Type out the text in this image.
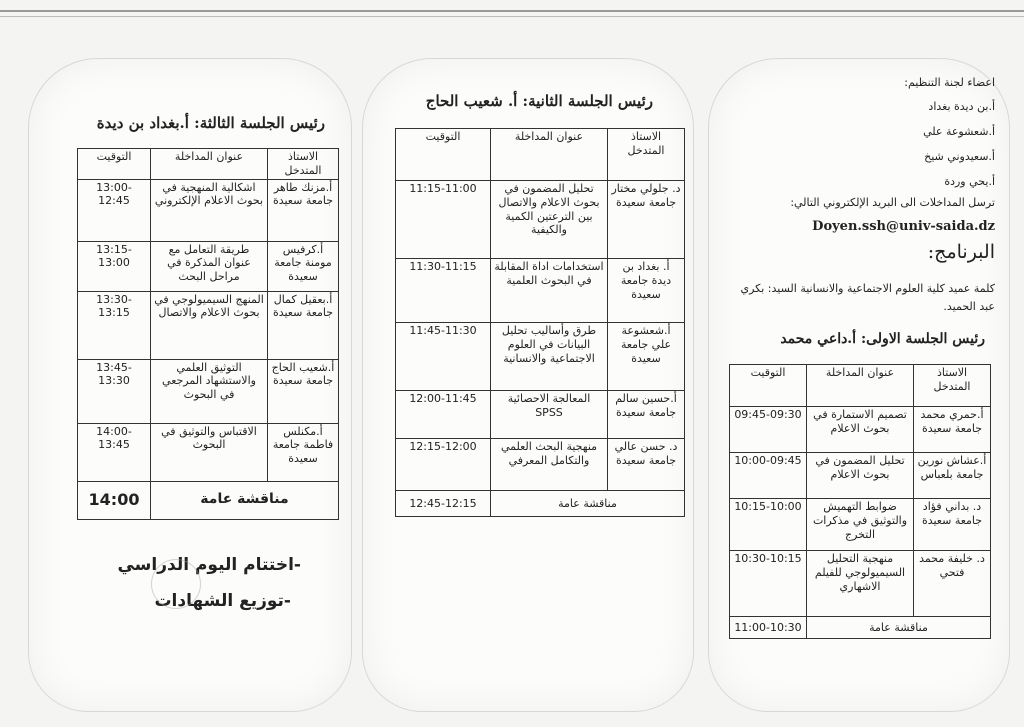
رئيس الجلسة الثالثة: أ.بغداد بن ديدة
الاستاذ المتدخل	عنوان المداخلة	التوقيت
أ.مزنك طاهر جامعة سعيدة	اشكالية المنهجية في بحوث الاعلام الإلكتروني	13:00-12:45
أ.كرفيس مومنة جامعة سعيدة	طريقة التعامل مع عنوان المذكرة في مراحل البحث	13:15-13:00
أ.بعقيل كمال جامعة سعيدة	المنهج السيميولوجي في بحوث الاعلام والاتصال	13:30-13:15
أ.شعيب الحاج جامعة سعيدة	التوثيق العلمي والاستشهاد المرجعي في البحوث	13:45-13:30
أ.مكنلس فاطمة جامعة سعيدة	الاقتباس والتوثيق في البحوث	14:00-13:45
مناقشة عامة		14:00
-اختتام اليوم الدراسي
-توزيع الشهادات
رئيس الجلسة الثانية: أ. شعيب الحاج
الاستاذ المتدخل	عنوان المداخلة	التوقيت
د. جلولي مختار جامعة سعيدة	تحليل المضمون في بحوث الاعلام والاتصال بين الترعتين الكمية والكيفية	11:15-11:00
أ. بغداد بن ديدة جامعة سعيدة	استخدامات اداة المقابلة في البحوث العلمية	11:30-11:15
أ.شعشوعة علي جامعة سعيدة	طرق وأساليب تحليل البيانات في العلوم الاجتماعية والانسانية	11:45-11:30
أ.حسين سالم جامعة سعيدة	المعالجة الاحصائية SPSS	12:00-11:45
د. حسن عالي جامعة سعيدة	منهجية البحث العلمي والتكامل المعرفي	12:15-12:00
مناقشة عامة		12:45-12:15
اعضاء لجنة التنظيم:
أ.بن ديدة بغداد
أ.شعشوعة علي
أ.سعيدوني شيخ
أ.يحي وردة
ترسل المداخلات الى البريد الإلكتروني التالي:
Doyen.ssh@univ-saida.dz
البرنامج:
كلمة عميد كلية العلوم الاجتماعية والانسانية السيد: بكري عبد الحميد.
رئيس الجلسة الاولى: أ.داعي محمد
الاستاذ المتدخل	عنوان المداخلة	التوقيت
أ.حمري محمد جامعة سعيدة	تصميم الاستمارة في بحوث الاعلام	09:45-09:30
أ.عشاش نورين جامعة بلعباس	تحليل المضمون في بحوث الاعلام	10:00-09:45
د. بداني فؤاد جامعة سعيدة	ضوابط التهميش والتوثيق في مذكرات التخرج	10:15-10:00
د. خليفة محمد فتحي	منهجية التحليل السيميولوجي للفيلم الاشهاري	10:30-10:15
مناقشة عامة		11:00-10:30
